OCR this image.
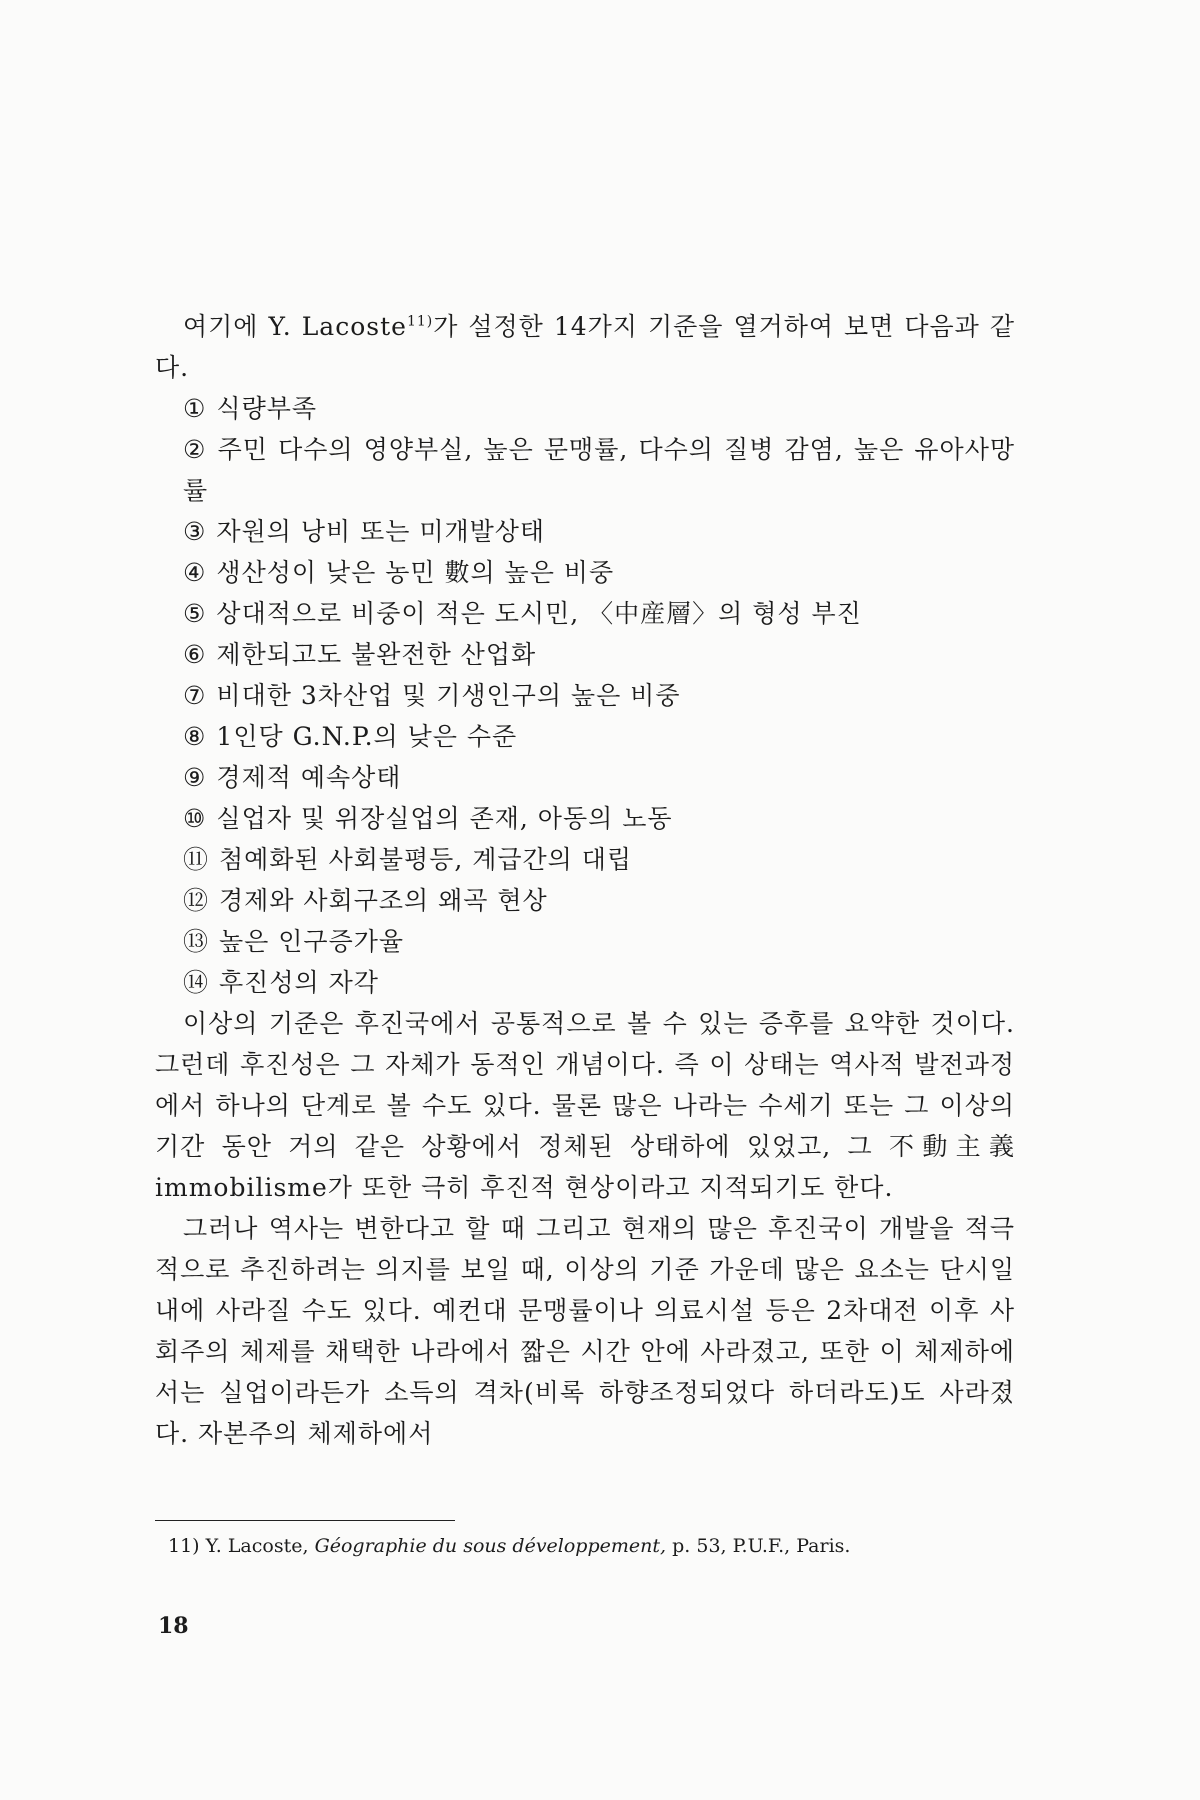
여기에 Y. Lacoste$^{11)}$가 설정한 14가지 기준을 열거하여 보면 다음과 같다.

① 식량부족
② 주민 다수의 영양부실, 높은 문맹률, 다수의 질병 감염, 높은 유아사망률
③ 자원의 낭비 또는 미개발상태
④ 생산성이 낮은 농민 數의 높은 비중
⑤ 상대적으로 비중이 적은 도시민, 〈中産層〉의 형성 부진
⑥ 제한되고도 불완전한 산업화
⑦ 비대한 3차산업 및 기생인구의 높은 비중
⑧ 1인당 G.N.P.의 낮은 수준
⑨ 경제적 예속상태
⑩ 실업자 및 위장실업의 존재, 아동의 노동
⑪ 첨예화된 사회불평등, 계급간의 대립
⑫ 경제와 사회구조의 왜곡 현상
⑬ 높은 인구증가율
⑭ 후진성의 자각

이상의 기준은 후진국에서 공통적으로 볼 수 있는 증후를 요약한 것이다. 그런데 후진성은 그 자체가 동적인 개념이다. 즉 이 상태는 역사적 발전과정에서 하나의 단계로 볼 수도 있다. 물론 많은 나라는 수세기 또는 그 이상의 기간 동안 거의 같은 상황에서 정체된 상태하에 있었고, 그 不動主義 immobilisme가 또한 극히 후진적 현상이라고 지적되기도 한다.

그러나 역사는 변한다고 할 때 그리고 현재의 많은 후진국이 개발을 적극적으로 추진하려는 의지를 보일 때, 이상의 기준 가운데 많은 요소는 단시일내에 사라질 수도 있다. 예컨대 문맹률이나 의료시설 등은 2차대전 이후 사회주의 체제를 채택한 나라에서 짧은 시간 안에 사라졌고, 또한 이 체제하에서는 실업이라든가 소득의 격차(비록 하향조정되었다 하더라도)도 사라졌다. 자본주의 체제하에서

11) Y. Lacoste, Géographie du sous développement, p. 53, P.U.F., Paris.
18
